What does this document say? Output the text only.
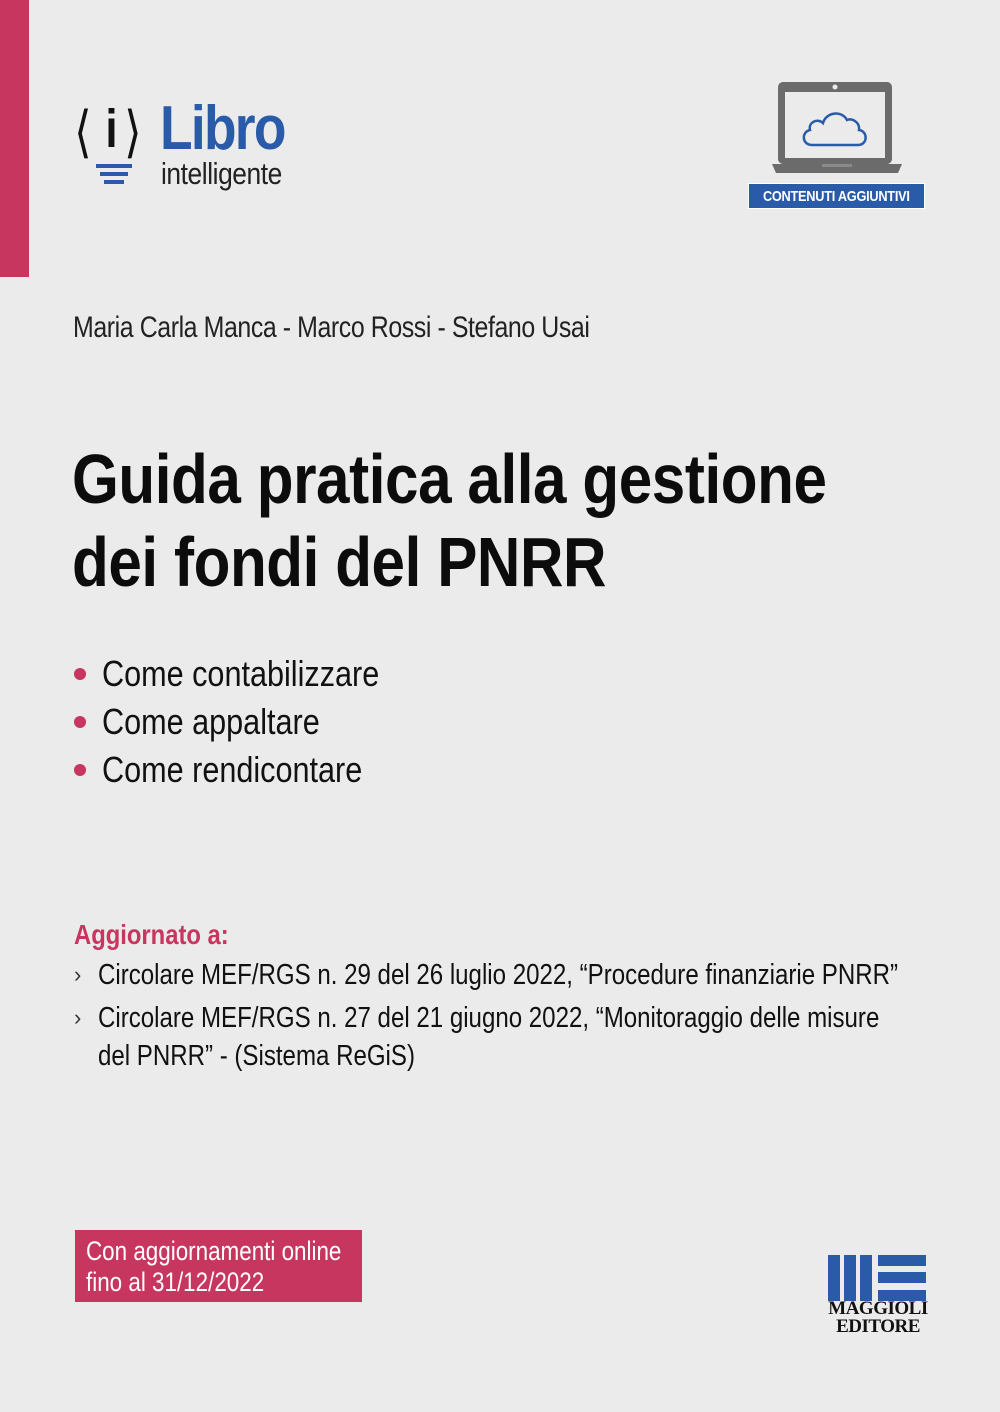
⟨ i ⟩ Libro
intelligente
CONTENUTI AGGIUNTIVI
Maria Carla Manca - Marco Rossi - Stefano Usai
Guida pratica alla gestione
dei fondi del PNRR
Come contabilizzare
Come appaltare
Come rendicontare
Aggiornato a:
› Circolare MEF/RGS n. 29 del 26 luglio 2022, “Procedure finanziarie PNRR”
› Circolare MEF/RGS n. 27 del 21 giugno 2022, “Monitoraggio delle misure del PNRR” - (Sistema ReGiS)
Con aggiornamenti online
fino al 31/12/2022
MAGGIOLI
EDITORE
